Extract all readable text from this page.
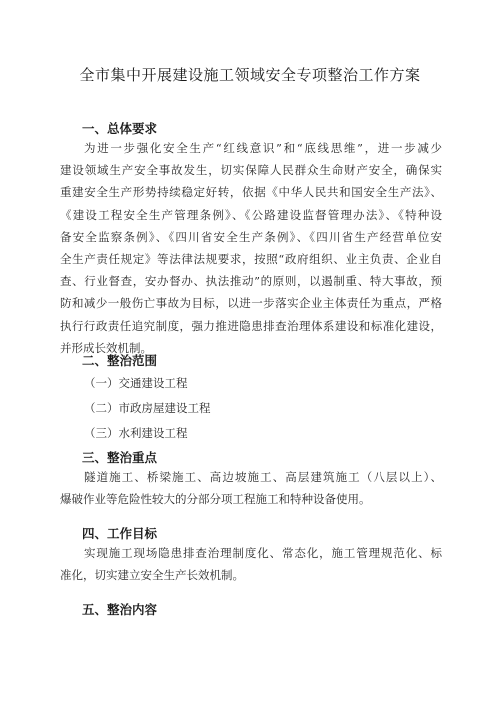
全市集中开展建设施工领域安全专项整治工作方案
一、总体要求
为进一步强化安全生产“红线意识”和“底线思维”，进一步减少
建设领域生产安全事故发生，切实保障人民群众生命财产安全，确保实
重建安全生产形势持续稳定好转，依据《中华人民共和国安全生产法》、
《建设工程安全生产管理条例》、《公路建设监督管理办法》、《特种设
备安全监察条例》、《四川省安全生产条例》、《四川省生产经营单位安
全生产责任规定》等法律法规要求，按照“政府组织、业主负责、企业自
查、行业督查，安办督办、执法推动”的原则，以遏制重、特大事故，预
防和减少一般伤亡事故为目标，以进一步落实企业主体责任为重点，严格
执行行政责任追究制度，强力推进隐患排查治理体系建设和标准化建设，
并形成长效机制。
二、整治范围
（一）交通建设工程
（二）市政房屋建设工程
（三）水利建设工程
三、整治重点
隧道施工、桥梁施工、高边坡施工、高层建筑施工（八层以上）、
爆破作业等危险性较大的分部分项工程施工和特种设备使用。
四、工作目标
实现施工现场隐患排查治理制度化、常态化，施工管理规范化、标
准化，切实建立安全生产长效机制。
五、整治内容
